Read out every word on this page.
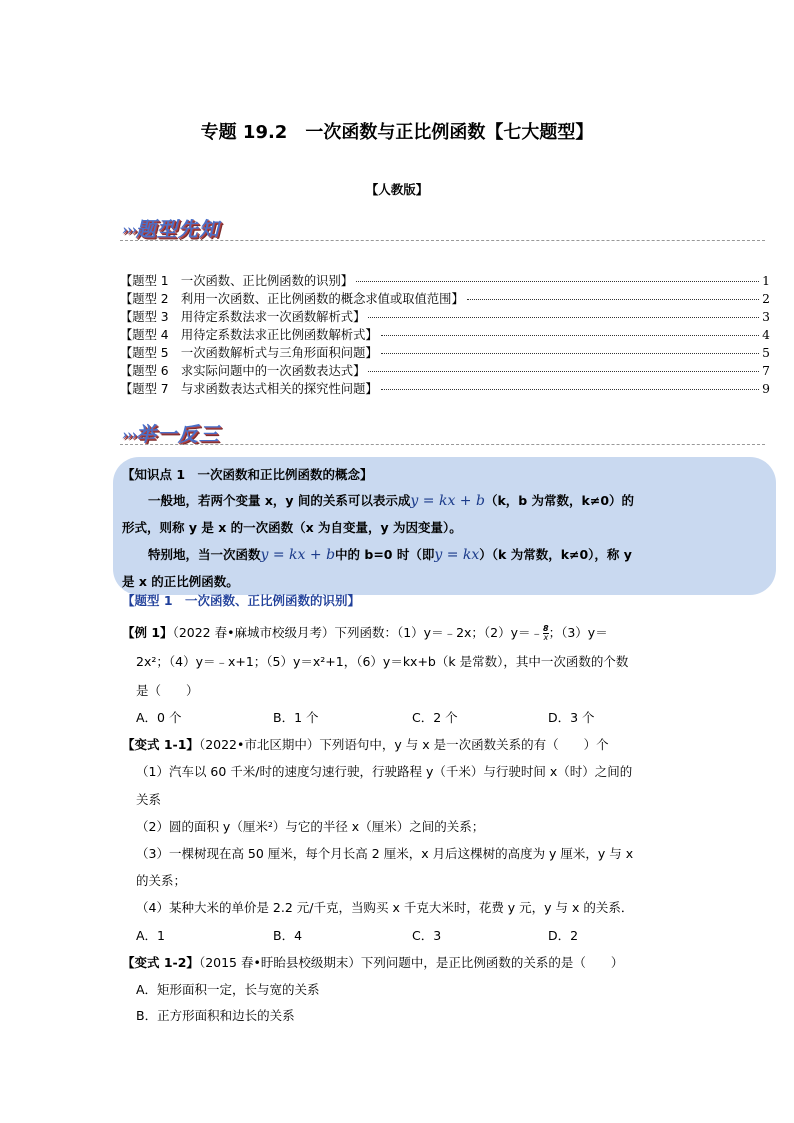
专题 19.2　一次函数与正比例函数【七大题型】
【人教版】
›››题型先知
【题型 1　一次函数、正比例函数的识别】	1
【题型 2　利用一次函数、正比例函数的概念求值或取值范围】	2
【题型 3　用待定系数法求一次函数解析式】	3
【题型 4　用待定系数法求正比例函数解析式】	4
【题型 5　一次函数解析式与三角形面积问题】	5
【题型 6　求实际问题中的一次函数表达式】	7
【题型 7　与求函数表达式相关的探究性问题】	9
›››举一反三
【知识点 1　一次函数和正比例函数的概念】
一般地，若两个变量 x，y 间的关系可以表示成y = kx + b（k，b 为常数，k≠0）的
形式，则称 y 是 x 的一次函数（x 为自变量，y 为因变量）。
特别地，当一次函数y = kx + b中的 b=0 时（即y = kx）（k 为常数，k≠0），称 y
是 x 的正比例函数。
【题型 1　一次函数、正比例函数的识别】
【例 1】（2022 春•麻城市校级月考）下列函数：（1）y＝﹣2x；（2）y＝﹣ $\frac{8}{x}$ ；（3）y＝
2x²；（4）y＝﹣x+1；（5）y＝x²+1，（6）y＝kx+b（k 是常数），其中一次函数的个数
是（　　）
A．0 个	B．1 个	C．2 个	D．3 个
【变式 1-1】（2022•市北区期中）下列语句中，y 与 x 是一次函数关系的有（　　）个
（1）汽车以 60 千米/时的速度匀速行驶，行驶路程 y（千米）与行驶时间 x（时）之间的
关系
（2）圆的面积 y（厘米²）与它的半径 x（厘米）之间的关系；
（3）一棵树现在高 50 厘米，每个月长高 2 厘米，x 月后这棵树的高度为 y 厘米，y 与 x
的关系；
（4）某种大米的单价是 2.2 元/千克，当购买 x 千克大米时，花费 y 元，y 与 x 的关系．
A．1	B．4	C．3	D．2
【变式 1-2】（2015 春•盱眙县校级期末）下列问题中，是正比例函数的关系的是（　　）
A．矩形面积一定，长与宽的关系
B．正方形面积和边长的关系
